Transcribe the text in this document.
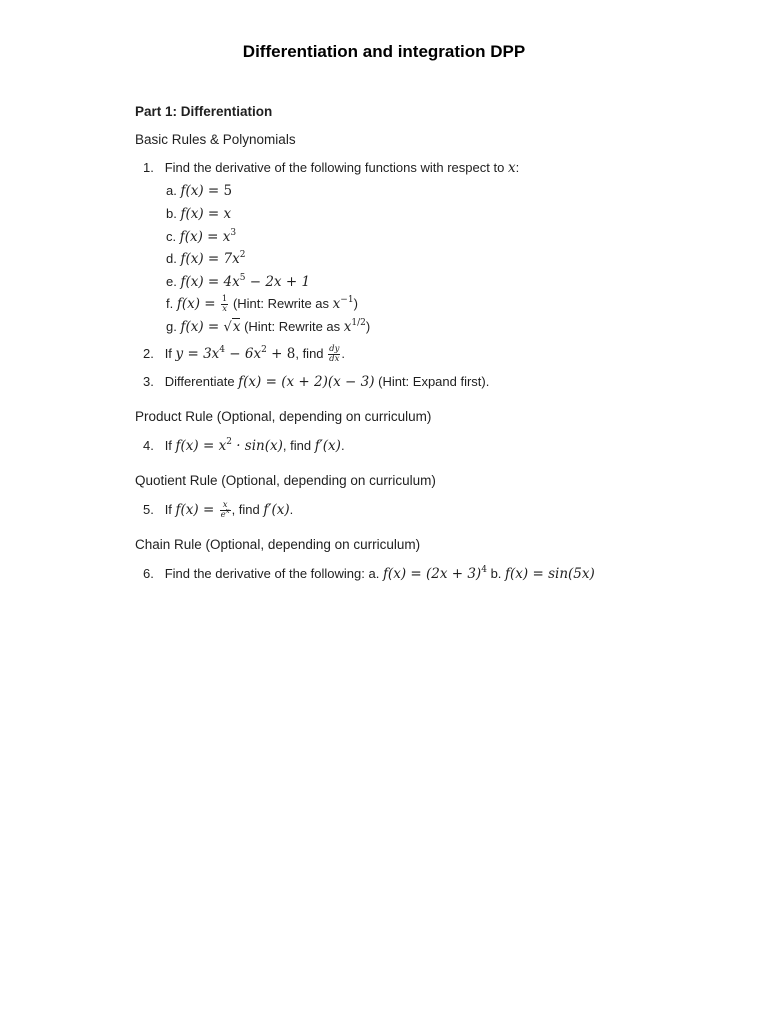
Differentiation and integration DPP
Part 1: Differentiation
Basic Rules & Polynomials
1. Find the derivative of the following functions with respect to x:
a. f(x) = 5
b. f(x) = x
c. $f(x) = x^3$
d. $f(x) = 7x^2$
e. $f(x) = 4x^5 - 2x + 1$
f. $f(x) = \frac{1}{x}$ (Hint: Rewrite as $x^{-1}$)
g. f(x) = √x (Hint: Rewrite as $x^{1/2}$)
2. If $y = 3x^4 - 6x^2 + 8$, find $\frac{dy}{dx}$ .
3. Differentiate f(x) = (x + 2)(x − 3) (Hint: Expand first).
Product Rule (Optional, depending on curriculum)
4. If $f(x) = x^2 \cdot \sin(x)$, find f′(x).
Quotient Rule (Optional, depending on curriculum)
5. If $f(x) = \frac{x}{e^x}$ , find f′(x).
Chain Rule (Optional, depending on curriculum)
6. Find the derivative of the following: a. $f(x) = (2x + 3)^4$ b. f(x) = sin(5x)
